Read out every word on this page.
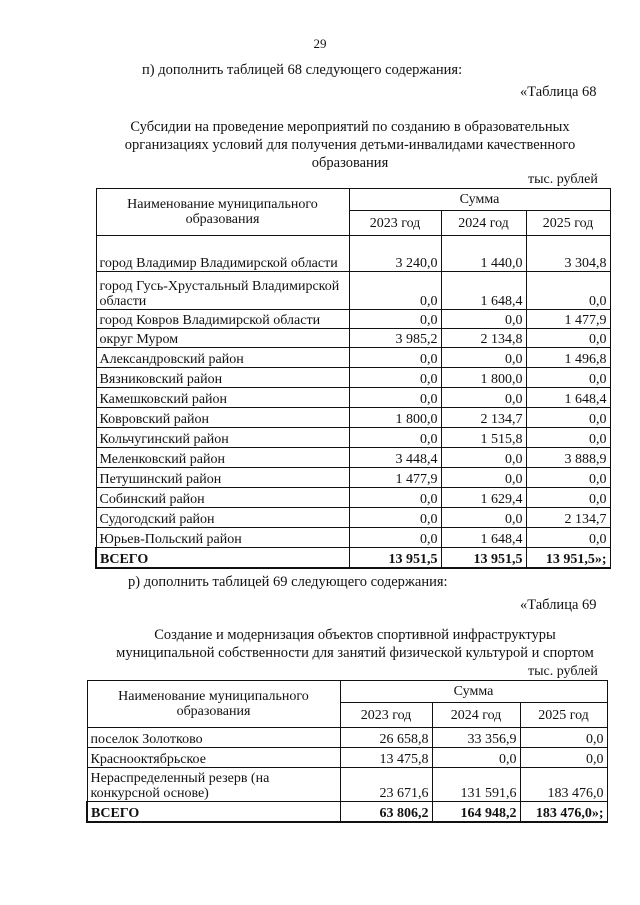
29
п) дополнить таблицей 68 следующего содержания:
«Таблица 68
Субсидии на проведение мероприятий по созданию в образовательных
организациях условий для получения детьми-инвалидами качественного
образования
тыс. рублей
Наименование муниципального образования	Сумма		
	2023 год	2024 год	2025 год
город Владимир Владимирской области	3 240,0	1 440,0	3 304,8
город Гусь-Хрустальный Владимирской области	0,0	1 648,4	0,0
город Ковров Владимирской области	0,0	0,0	1 477,9
округ Муром	3 985,2	2 134,8	0,0
Александровский район	0,0	0,0	1 496,8
Вязниковский район	0,0	1 800,0	0,0
Камешковский район	0,0	0,0	1 648,4
Ковровский район	1 800,0	2 134,7	0,0
Кольчугинский район	0,0	1 515,8	0,0
Меленковский район	3 448,4	0,0	3 888,9
Петушинский район	1 477,9	0,0	0,0
Собинский район	0,0	1 629,4	0,0
Судогодский район	0,0	0,0	2 134,7
Юрьев-Польский район	0,0	1 648,4	0,0
ВСЕГО	13 951,5	13 951,5	13 951,5»;
р) дополнить таблицей 69 следующего содержания:
«Таблица 69
Создание и модернизация объектов спортивной инфраструктуры
муниципальной собственности для занятий физической культурой и спортом
тыс. рублей
Наименование муниципального образования	Сумма		
	2023 год	2024 год	2025 год
поселок Золотково	26 658,8	33 356,9	0,0
Краснооктябрьское	13 475,8	0,0	0,0
Нераспределенный резерв (на конкурсной основе)	23 671,6	131 591,6	183 476,0
ВСЕГО	63 806,2	164 948,2	183 476,0»;
